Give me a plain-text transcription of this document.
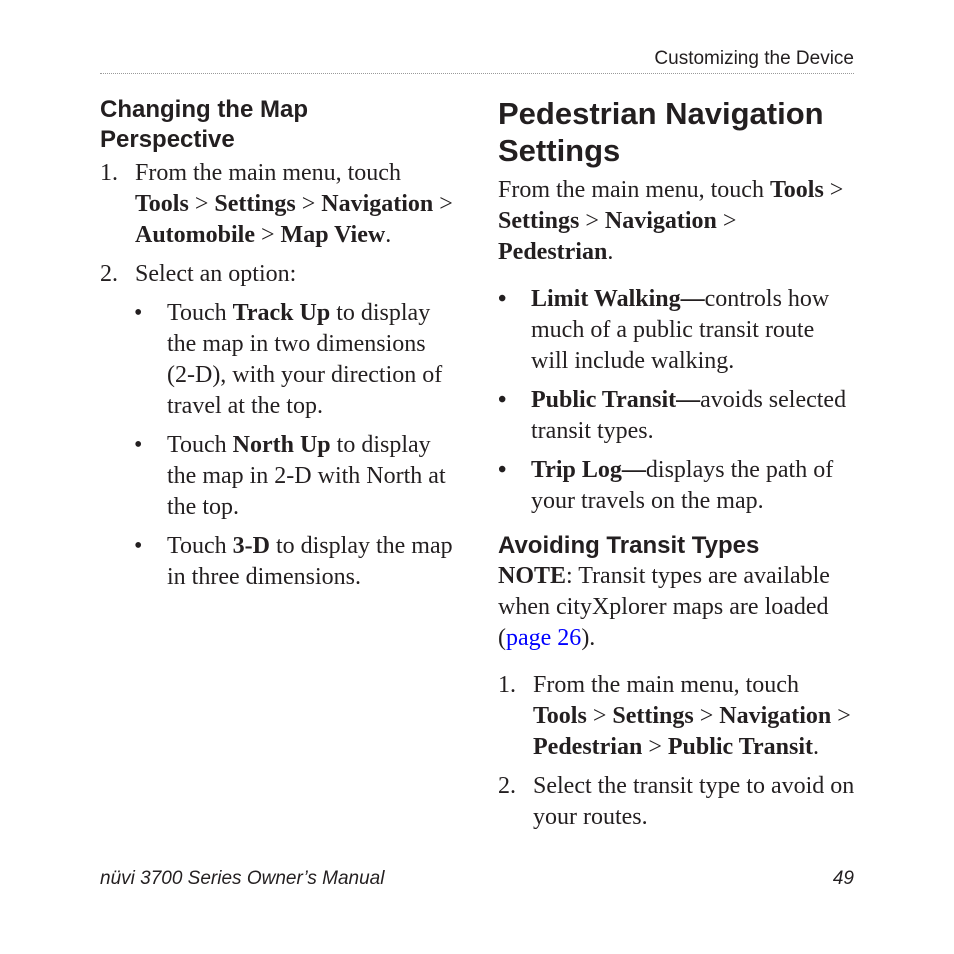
Customizing the Device
Changing the Map Perspective
1. From the main menu, touch
Tools > Settings > Navigation >
Automobile > Map View.
2. Select an option:
• Touch Track Up to display the map in two dimensions (2-D), with your direction of travel at the top.
• Touch North Up to display the map in 2-D with North at the top.
• Touch 3-D to display the map in three dimensions.
Pedestrian Navigation Settings

From the main menu, touch Tools >
Settings > Navigation > Pedestrian.

• Limit Walking—controls how much of a public transit route will include walking.
• Public Transit—avoids selected transit types.
• Trip Log—displays the path of your travels on the map.
Avoiding Transit Types

NOTE: Transit types are available when cityXplorer maps are loaded (page 26).

1. From the main menu, touch
Tools > Settings > Navigation >
Pedestrian > Public Transit.
2. Select the transit type to avoid on your routes.
nüvi 3700 Series Owner’s Manual	49
